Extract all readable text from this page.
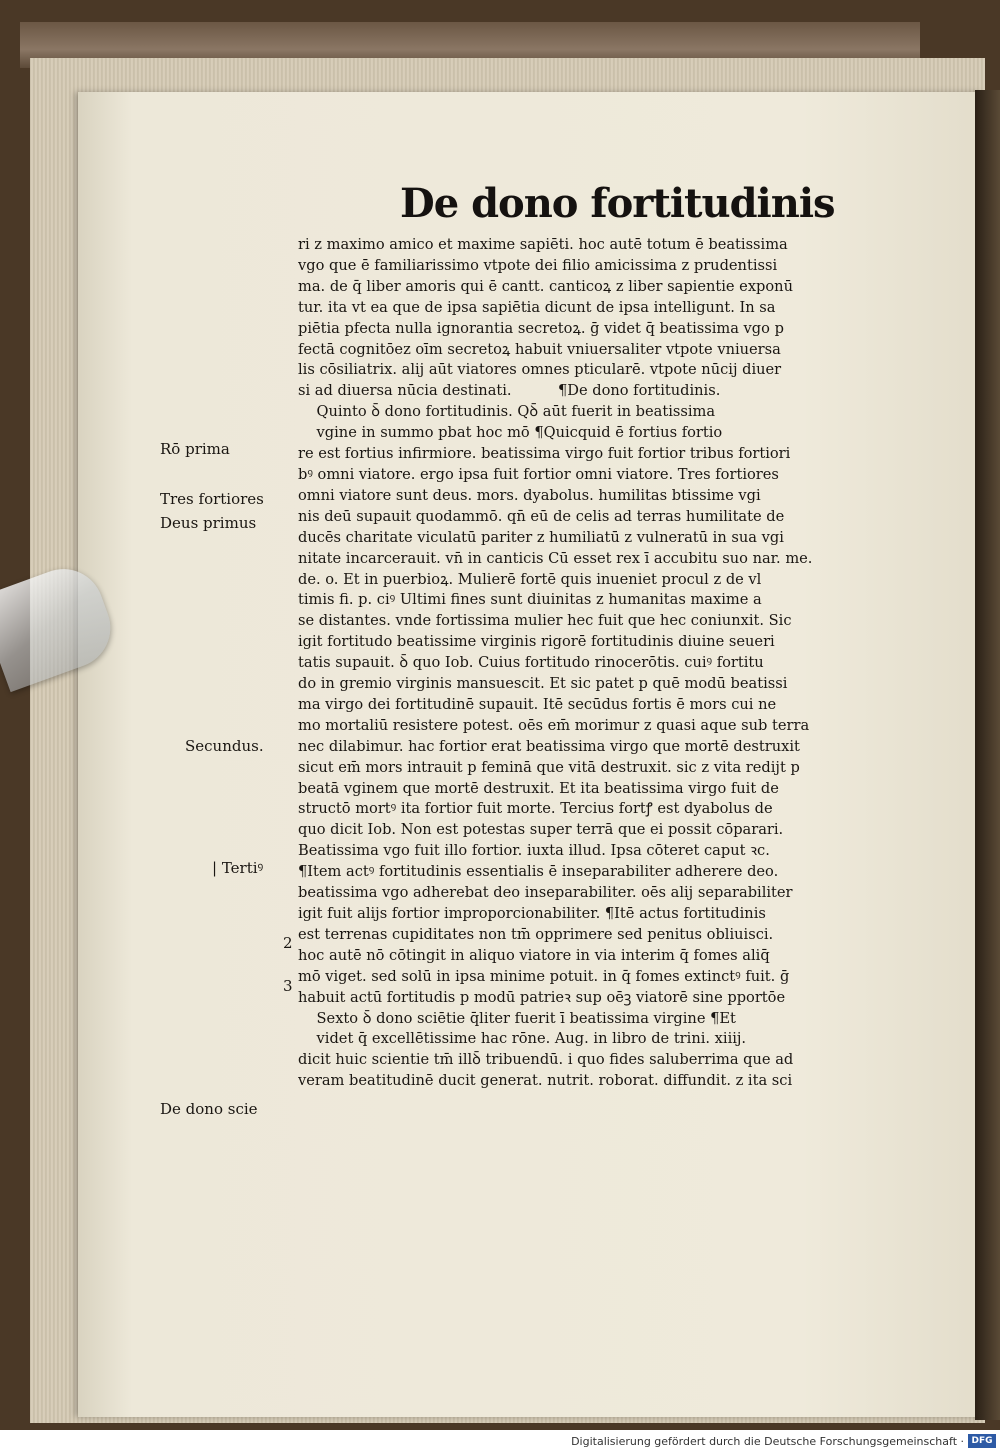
De dono fortitudinis
ri z maximo amico et maxime sapiēti. hoc autē totum ē beatissima
vgo que ē familiarissimo vtpote dei filio amicissima z prudentissi
ma. de q̄ liber amoris qui ē cantt. canticoꝝ z liber sapientie exponū
tur. ita vt ea que de ipsa sapiētia dicunt de ipsa intelligunt. In sa
piētia pfecta nulla ignorantia secretoꝝ. ḡ videt q̄ beatissima vgo p
fectā cognitōez oīm secretoꝝ habuit vniuersaliter vtpote vniuersa
lis cōsiliatrix. alij aūt viatores omnes pticularē. vtpote nūcij diuer
si ad diuersa nūcia destinati.          ¶De dono fortitudinis.
Quinto ꝺ̄ dono fortitudinis. Qꝺ̄ aūt fuerit in beatissima
vgine in summo pbat hoc mō ¶Quicquid ē fortius fortio
re est fortius infirmiore. beatissima virgo fuit fortior tribus fortiori
bꝰ omni viatore. ergo ipsa fuit fortior omni viatore. Tres fortiores
omni viatore sunt deus. mors. dyabolus. humilitas btissime vgi
nis deū supauit quodammō. qn̄ eū de celis ad terras humilitate de
ducēs charitate viculatū pariter z humiliatū z vulneratū in sua vgi
nitate incarcerauit. vn̄ in canticis Cū esset rex ī accubitu suo nar. me.
de. o. Et in puerbioꝝ. Mulierē fortē quis inueniet procul z de vl
timis fi. p. ciꝰ Ultimi fines sunt diuinitas z humanitas maxime a
se distantes. vnde fortissima mulier hec fuit que hec coniunxit. Sic
igit fortitudo beatissime virginis rigorē fortitudinis diuine seueri
tatis supauit. ꝺ̄ quo Iob. Cuius fortitudo rinocerōtis. cuiꝰ fortitu
do in gremio virginis mansuescit. Et sic patet p quē modū beatissi
ma virgo dei fortitudinē supauit. Itē secūdus fortis ē mors cui ne
mo mortaliū resistere potest. oēs em̄ morimur z quasi aque sub terra
nec dilabimur. hac fortior erat beatissima virgo que mortē destruxit
sicut em̄ mors intrauit p feminā que vitā destruxit. sic z vita redijt p
beatā vginem que mortē destruxit. Et ita beatissima virgo fuit de
structō mortꝰ ita fortior fuit morte. Tercius fortꝭ est dyabolus de
quo dicit Iob. Non est potestas super terrā que ei possit cōparari.
Beatissima vgo fuit illo fortior. iuxta illud. Ipsa cōteret caput ꝛc.
¶Item actꝰ fortitudinis essentialis ē inseparabiliter adherere deo.
beatissima vgo adherebat deo inseparabiliter. oēs alij separabiliter
igit fuit alijs fortior improporcionabiliter. ¶Itē actus fortitudinis
est terrenas cupiditates non tm̄ opprimere sed penitus obliuisci.
hoc autē nō cōtingit in aliquo viatore in via interim q̄ fomes aliq̄
mō viget. sed solū in ipsa minime potuit. in q̄ fomes extinctꝰ fuit. ḡ
habuit actū fortitudis p modū patrieꝛ sup oēꝫ viatorē sine pportōe
Sexto ꝺ̄ dono sciētie q̄liter fuerit ī beatissima virgine ¶Et
videt q̄ excellētissime hac rōne. Aug. in libro de trini. xiiij.
dicit huic scientie tm̄ illꝺ̄ tribuendū. i quo fides saluberrima que ad
veram beatitudinē ducit generat. nutrit. roborat. diffundit. z ita sci
Rō prima
Tres fortiores
Deus primus
Secundus.
| Tertiꝰ
2
3
De dono scie
Digitalisierung gefördert durch die Deutsche Forschungsgemeinschaft · DFG
